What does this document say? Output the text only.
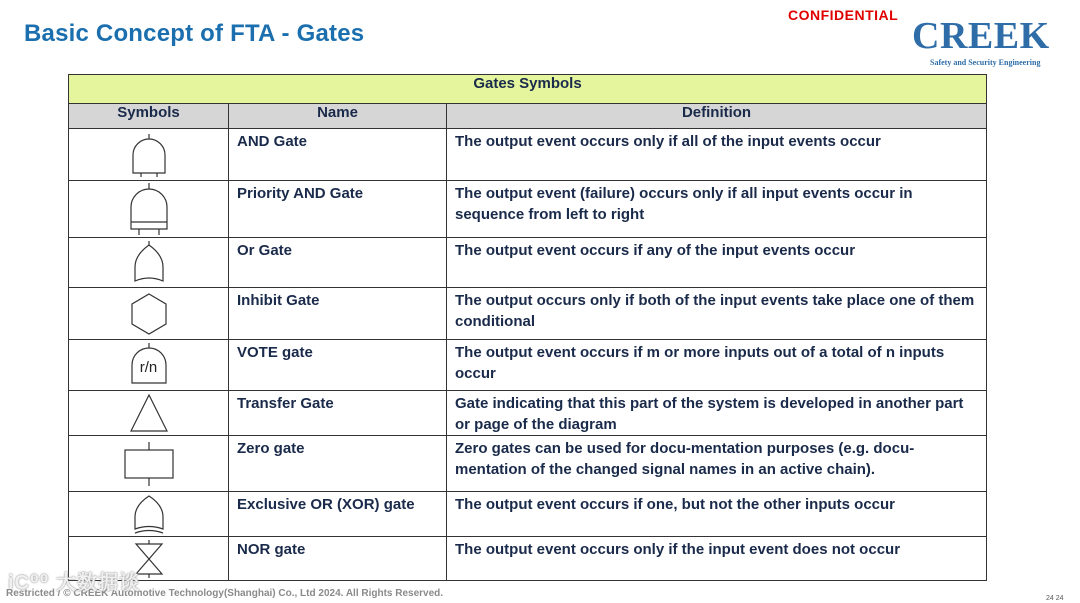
Basic Concept of FTA - Gates
CONFIDENTIAL CREEK
Safety and Security Engineering
Gates Symbols		
Symbols	Name	Definition

AND Gate	The output event occurs only if all of the input events occur

Priority AND Gate	The output event (failure) occurs only if all input events occur in sequence from left to right

Or Gate	The output event occurs if any of the input events occur

Inhibit Gate	The output occurs only if both of the input events take place one of them conditional

r/n	VOTE gate	The output event occurs if m or more inputs out of a total of n inputs occur

Transfer Gate	Gate indicating that this part of the system is developed in another part or page of the diagram

Zero gate	Zero gates can be used for docu-mentation purposes (e.g. docu-mentation of the changed signal names in an active chain).

Exclusive OR (XOR) gate	The output event occurs if one, but not the other inputs occur

NOR gate	The output event occurs only if the input event does not occur
Restricted / © CREEK Automotive Technology(Shanghai) Co., Ltd 2024. All Rights Reserved.
iC⁰⁰ 大数据谈
24 24
